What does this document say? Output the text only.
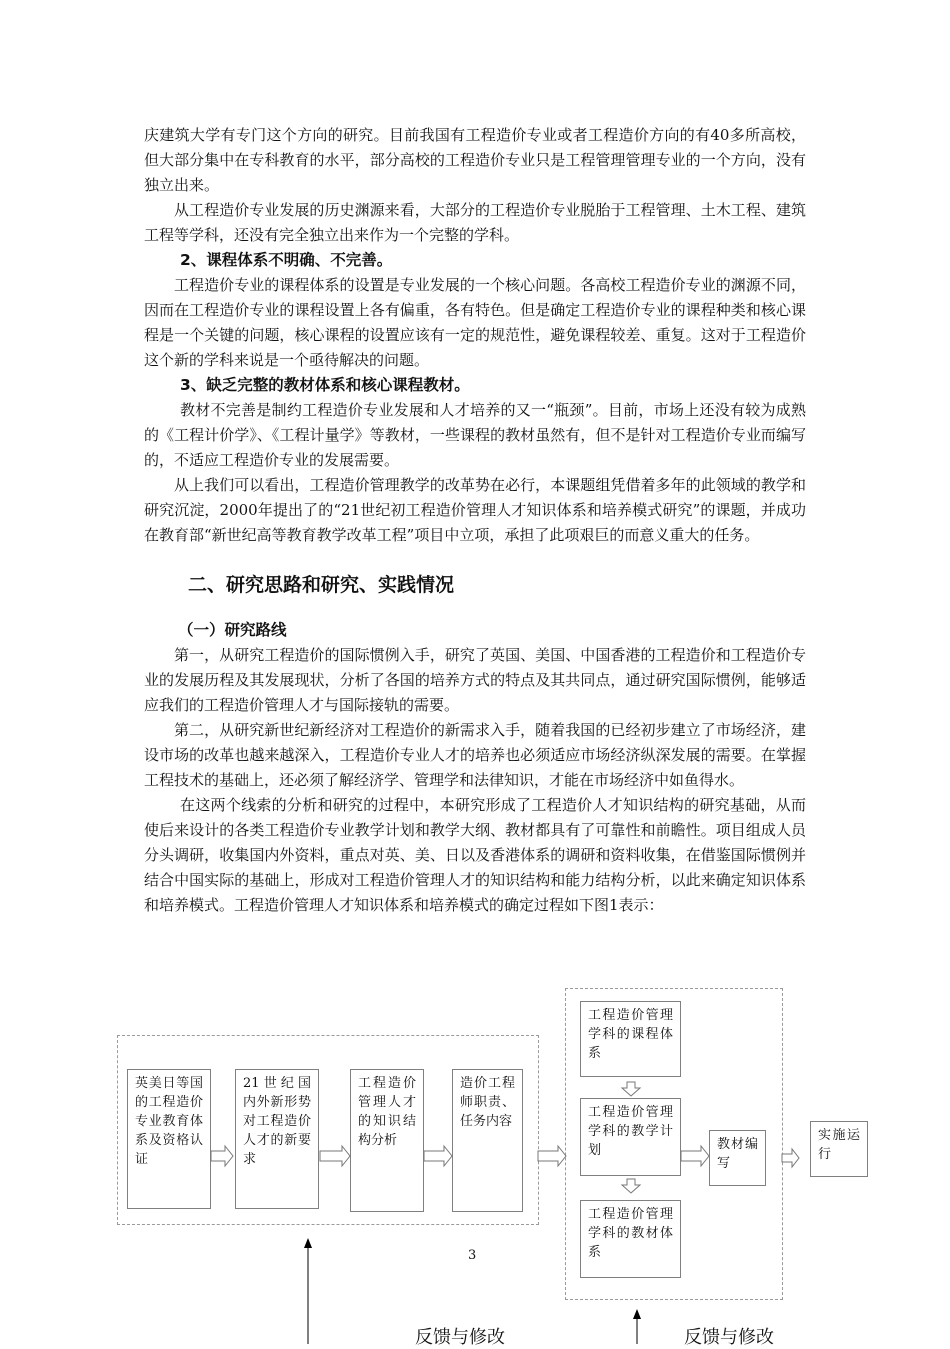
庆建筑大学有专门这个方向的研究。目前我国有工程造价专业或者工程造价方向的有40多所高校，但大部分集中在专科教育的水平，部分高校的工程造价专业只是工程管理管理专业的一个方向，没有独立出来。

从工程造价专业发展的历史渊源来看，大部分的工程造价专业脱胎于工程管理、土木工程、建筑工程等学科，还没有完全独立出来作为一个完整的学科。

2、课程体系不明确、不完善。

工程造价专业的课程体系的设置是专业发展的一个核心问题。各高校工程造价专业的渊源不同，因而在工程造价专业的课程设置上各有偏重，各有特色。但是确定工程造价专业的课程种类和核心课程是一个关键的问题，核心课程的设置应该有一定的规范性，避免课程较差、重复。这对于工程造价这个新的学科来说是一个亟待解决的问题。

3、缺乏完整的教材体系和核心课程教材。

教材不完善是制约工程造价专业发展和人才培养的又一“瓶颈”。目前，市场上还没有较为成熟的《工程计价学》、《工程计量学》等教材，一些课程的教材虽然有，但不是针对工程造价专业而编写的，不适应工程造价专业的发展需要。

从上我们可以看出，工程造价管理教学的改革势在必行，本课题组凭借着多年的此领域的教学和研究沉淀，2000年提出了的“21世纪初工程造价管理人才知识体系和培养模式研究”的课题，并成功在教育部“新世纪高等教育教学改革工程”项目中立项，承担了此项艰巨的而意义重大的任务。

二、研究思路和研究、实践情况

（一）研究路线

第一，从研究工程造价的国际惯例入手，研究了英国、美国、中国香港的工程造价和工程造价专业的发展历程及其发展现状，分析了各国的培养方式的特点及其共同点，通过研究国际惯例，能够适应我们的工程造价管理人才与国际接轨的需要。

第二，从研究新世纪新经济对工程造价的新需求入手，随着我国的已经初步建立了市场经济，建设市场的改革也越来越深入，工程造价专业人才的培养也必须适应市场经济纵深发展的需要。在掌握工程技术的基础上，还必须了解经济学、管理学和法律知识，才能在市场经济中如鱼得水。

在这两个线索的分析和研究的过程中，本研究形成了工程造价人才知识结构的研究基础，从而使后来设计的各类工程造价专业教学计划和教学大纲、教材都具有了可靠性和前瞻性。项目组成人员分头调研，收集国内外资料，重点对英、美、日以及香港体系的调研和资料收集，在借鉴国际惯例并结合中国实际的基础上，形成对工程造价管理人才的知识结构和能力结构分析，以此来确定知识体系和培养模式。工程造价管理人才知识体系和培养模式的确定过程如下图1表示：

英美日等国的工程造价专业教育体系及资格认证
21世纪国内外新形势对工程造价人才的新要求
工程造价管理人才的知识结构分析
造价工程师职责、任务内容
工程造价管理学科的课程体系
工程造价管理学科的教学计划
工程造价管理学科的教材体系
教材编写
实施运行
3
反馈与修改	反馈与修改
